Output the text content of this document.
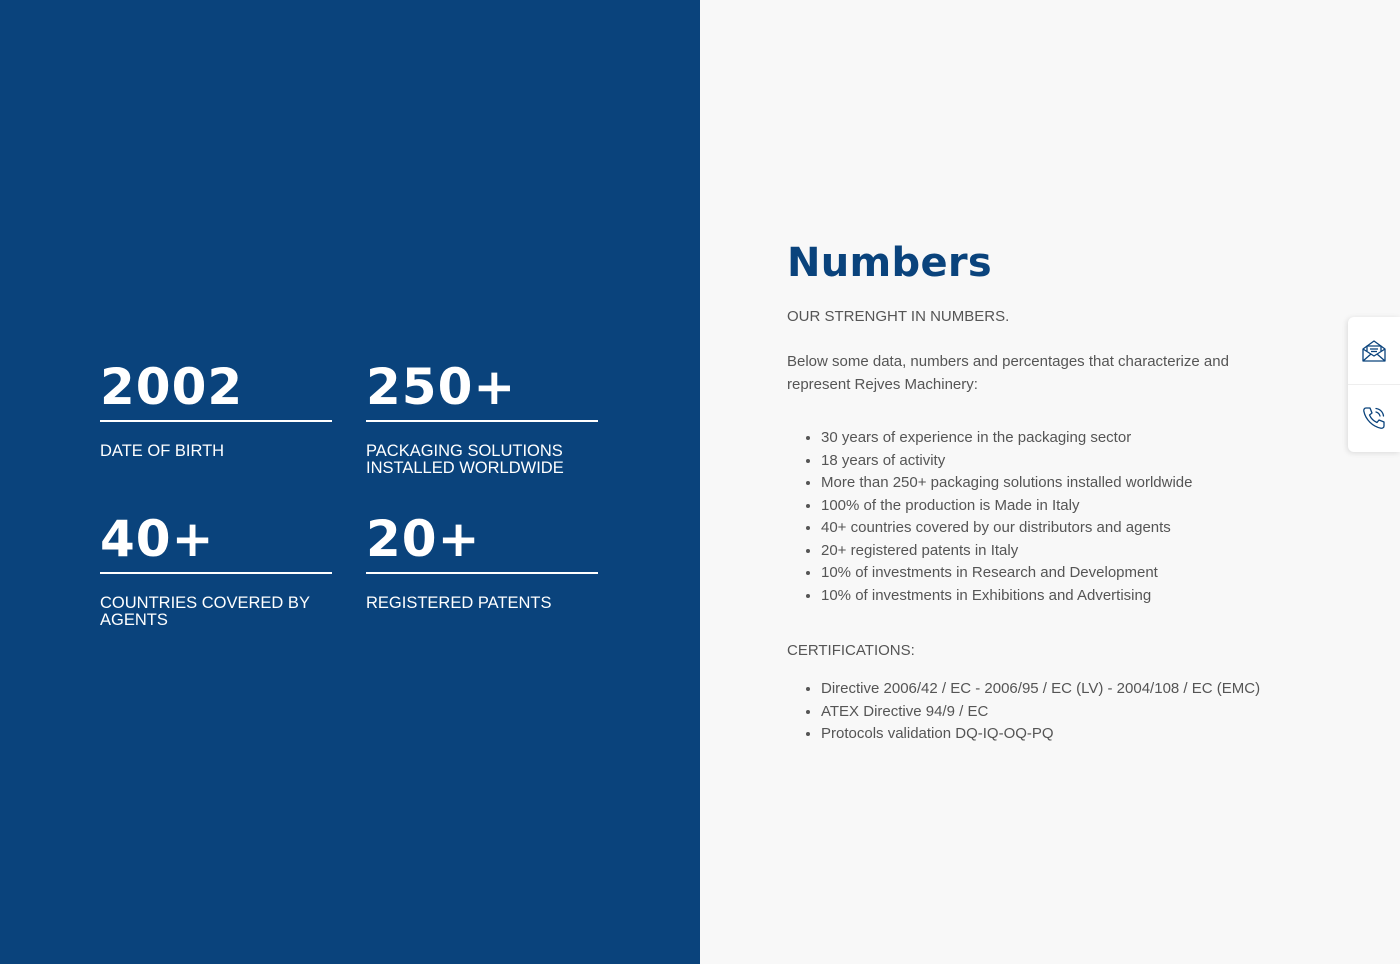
2002
DATE OF BIRTH
250+
PACKAGING SOLUTIONS INSTALLED WORLDWIDE
40+
COUNTRIES COVERED BY AGENTS
20+
REGISTERED PATENTS
Numbers
OUR STRENGHT IN NUMBERS.
Below some data, numbers and percentages that characterize and represent Rejves Machinery:
• 30 years of experience in the packaging sector
• 18 years of activity
• More than 250+ packaging solutions installed worldwide
• 100% of the production is Made in Italy
• 40+ countries covered by our distributors and agents
• 20+ registered patents in Italy
• 10% of investments in Research and Development
• 10% of investments in Exhibitions and Advertising
CERTIFICATIONS:
• Directive 2006/42 / EC - 2006/95 / EC (LV) - 2004/108 / EC (EMC)
• ATEX Directive 94/9 / EC
• Protocols validation DQ-IQ-OQ-PQ
